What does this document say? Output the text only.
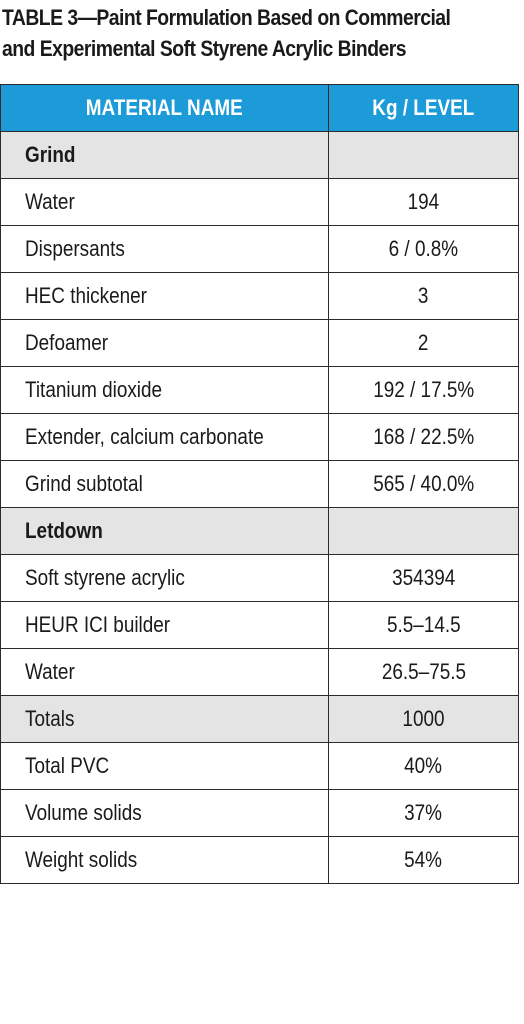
TABLE 3—Paint Formulation Based on Commercial
and Experimental Soft Styrene Acrylic Binders
MATERIAL NAME	Kg / LEVEL
Grind	
Water	194
Dispersants	6 / 0.8%
HEC thickener	3
Defoamer	2
Titanium dioxide	192 / 17.5%
Extender, calcium carbonate	168 / 22.5%
Grind subtotal	565 / 40.0%
Letdown	
Soft styrene acrylic	354394
HEUR ICI builder	5.5–14.5
Water	26.5–75.5
Totals	1000
Total PVC	40%
Volume solids	37%
Weight solids	54%
